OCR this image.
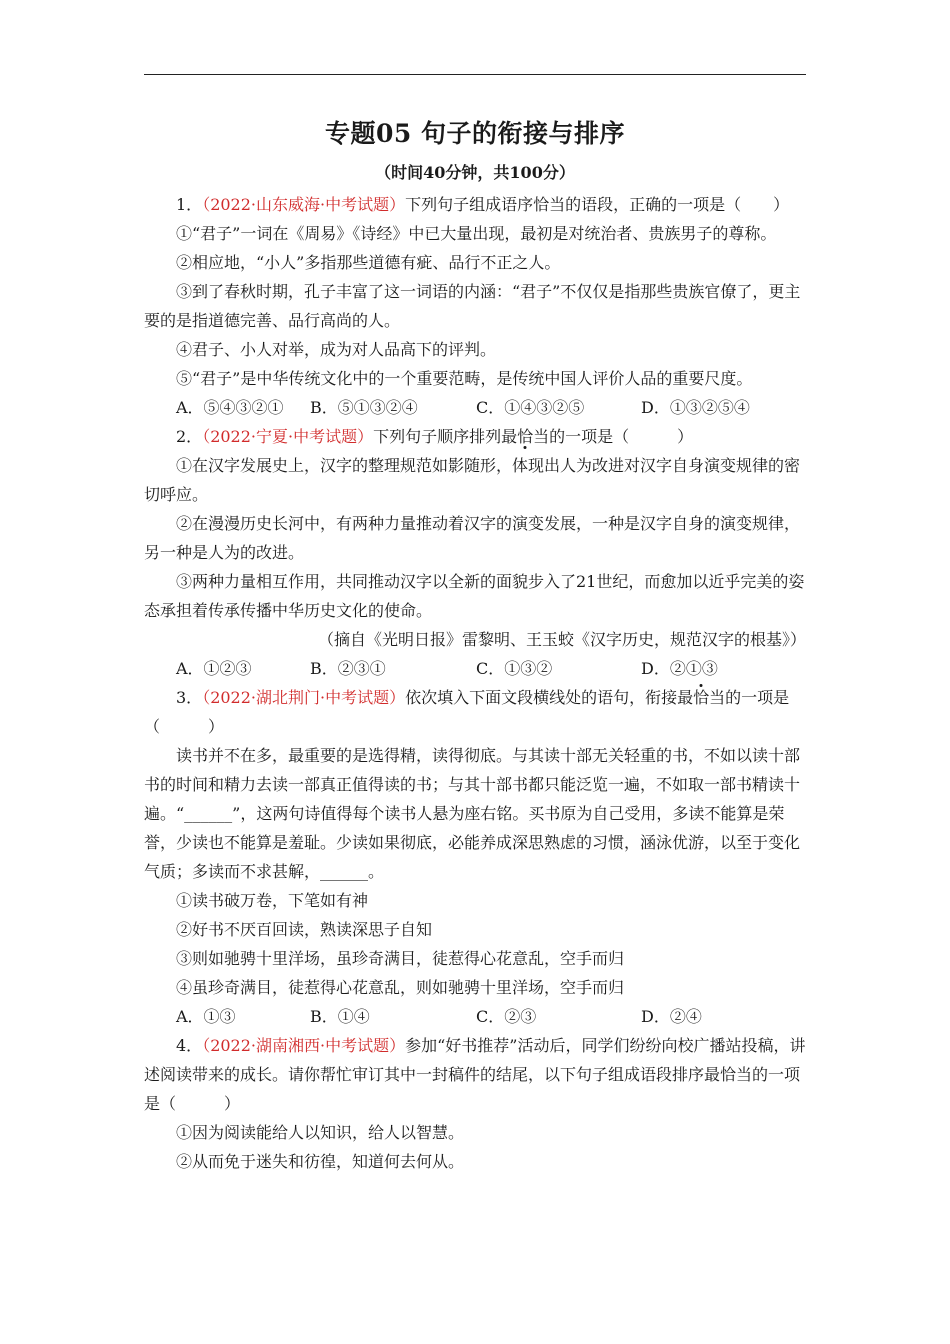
专题05 句子的衔接与排序
（时间40分钟，共100分）

1．（2022·山东威海·中考试题）下列句子组成语序恰当的语段，正确的一项是（　　）

①“君子”一词在《周易》《诗经》中已大量出现，最初是对统治者、贵族男子的尊称。

②相应地，“小人”多指那些道德有疵、品行不正之人。

③到了春秋时期，孔子丰富了这一词语的内涵：“君子”不仅仅是指那些贵族官僚了，更主要的是指道德完善、品行高尚的人。

④君子、小人对举，成为对人品高下的评判。

⑤“君子”是中华传统文化中的一个重要范畴，是传统中国人评价人品的重要尺度。

A．⑤④③②①	B．⑤①③②④	C．①④③②⑤	D．①③②⑤④

2．（2022·宁夏·中考试题）下列句子顺序排列最恰当的一项是（　　　）

①在汉字发展史上，汉字的整理规范如影随形，体现出人为改进对汉字自身演变规律的密切呼应。

②在漫漫历史长河中，有两种力量推动着汉字的演变发展，一种是汉字自身的演变规律，另一种是人为的改进。

③两种力量相互作用，共同推动汉字以全新的面貌步入了21世纪，而愈加以近乎完美的姿态承担着传承传播中华历史文化的使命。

（摘自《光明日报》雷黎明、王玉蛟《汉字历史，规范汉字的根基》）

A．①②③	B．②③①	C．①③②	D．②①③

3．（2022·湖北荆门·中考试题）依次填入下面文段横线处的语句，衔接最恰当的一项是（　　　）

读书并不在多，最重要的是选得精，读得彻底。与其读十部无关轻重的书，不如以读十部书的时间和精力去读一部真正值得读的书；与其十部书都只能泛览一遍，不如取一部书精读十遍。“______”，这两句诗值得每个读书人悬为座右铭。买书原为自己受用，多读不能算是荣誉，少读也不能算是羞耻。少读如果彻底，必能养成深思熟虑的习惯，涵泳优游，以至于变化气质；多读而不求甚解，______。

①读书破万卷，下笔如有神

②好书不厌百回读，熟读深思子自知

③则如驰骋十里洋场，虽珍奇满目，徒惹得心花意乱，空手而归

④虽珍奇满目，徒惹得心花意乱，则如驰骋十里洋场，空手而归

A．①③	B．①④	C．②③	D．②④

4．（2022·湖南湘西·中考试题）参加“好书推荐”活动后，同学们纷纷向校广播站投稿，讲述阅读带来的成长。请你帮忙审订其中一封稿件的结尾，以下句子组成语段排序最恰当的一项是（　　　）

①因为阅读能给人以知识，给人以智慧。

②从而免于迷失和彷徨，知道何去何从。
